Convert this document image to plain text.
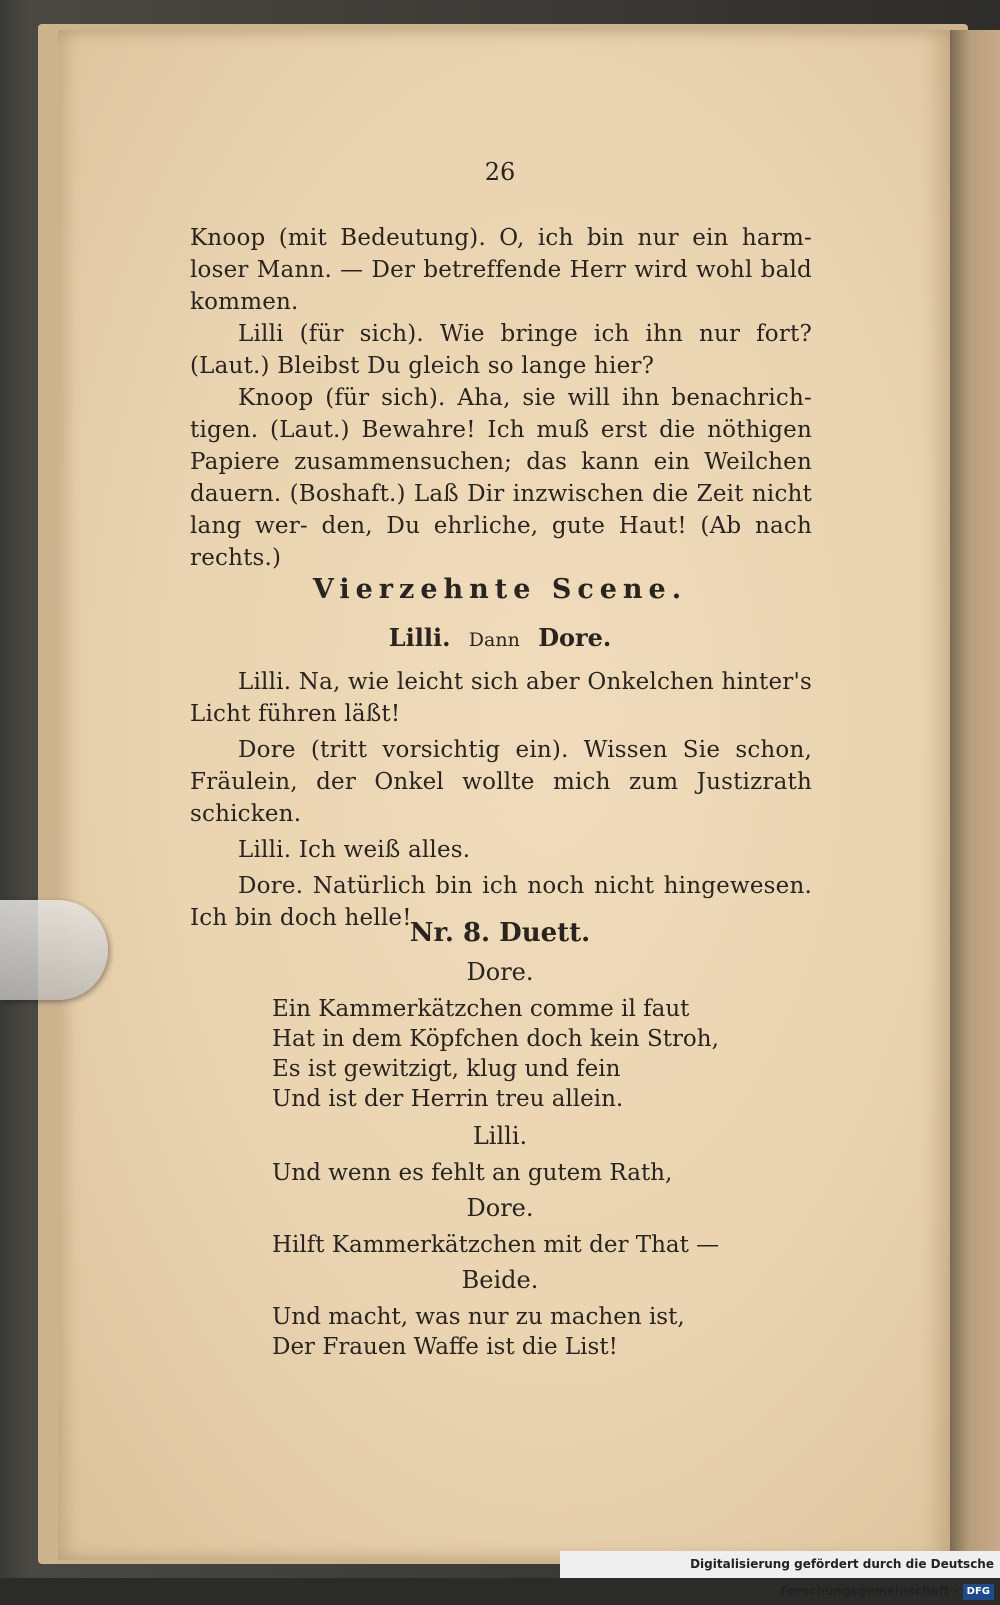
26

Knoop (mit Bedeutung). O, ich bin nur ein harm- loser Mann. — Der betreffende Herr wird wohl bald kommen.

Lilli (für sich). Wie bringe ich ihn nur fort? (Laut.) Bleibst Du gleich so lange hier?

Knoop (für sich). Aha, sie will ihn benachrich- tigen. (Laut.) Bewahre! Ich muß erst die nöthigen Papiere zusammensuchen; das kann ein Weilchen dauern. (Boshaft.) Laß Dir inzwischen die Zeit nicht lang wer- den, Du ehrliche, gute Haut! (Ab nach rechts.)

Vierzehnte Scene.
Lilli. Dann Dore.

Lilli. Na, wie leicht sich aber Onkelchen hinter's Licht führen läßt!

Dore (tritt vorsichtig ein). Wissen Sie schon, Fräulein, der Onkel wollte mich zum Justizrath schicken.

Lilli. Ich weiß alles.

Dore. Natürlich bin ich noch nicht hingewesen. Ich bin doch helle!

Nr. 8. Duett.
Dore.
Ein Kammerkätzchen comme il faut
Hat in dem Köpfchen doch kein Stroh,
Es ist gewitzigt, klug und fein
Und ist der Herrin treu allein.
Lilli.
Und wenn es fehlt an gutem Rath,
Dore.
Hilft Kammerkätzchen mit der That —
Beide.
Und macht, was nur zu machen ist,
Der Frauen Waffe ist die List!
Digitalisierung gefördert durch die Deutsche Forschungsgemeinschaft - DFG
